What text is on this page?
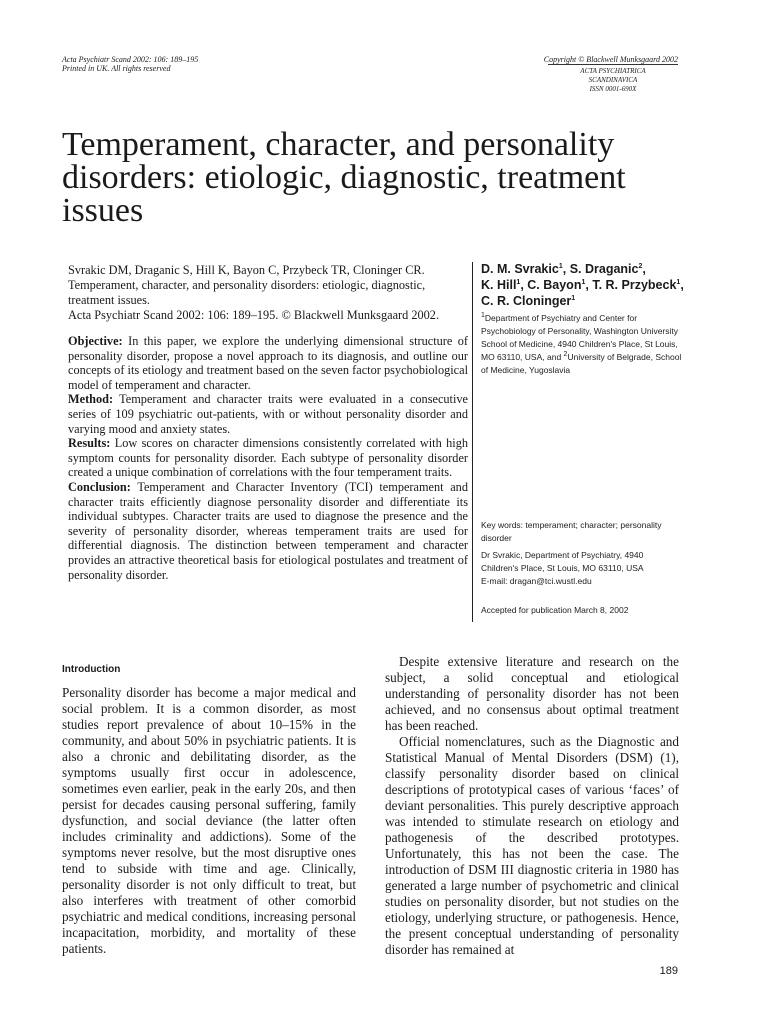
Acta Psychiatr Scand 2002: 106: 189–195
Printed in UK. All rights reserved
Copyright © Blackwell Munksgaard 2002
ACTA PSYCHIATRICA
SCANDINAVICA
ISSN 0001-690X
Temperament, character, and personality disorders: etiologic, diagnostic, treatment issues
Svrakic DM, Draganic S, Hill K, Bayon C, Przybeck TR, Cloninger CR. Temperament, character, and personality disorders: etiologic, diagnostic, treatment issues.
Acta Psychiatr Scand 2002: 106: 189–195. © Blackwell Munksgaard 2002.
Objective: In this paper, we explore the underlying dimensional structure of personality disorder, propose a novel approach to its diagnosis, and outline our concepts of its etiology and treatment based on the seven factor psychobiological model of temperament and character.
Method: Temperament and character traits were evaluated in a consecutive series of 109 psychiatric out-patients, with or without personality disorder and varying mood and anxiety states.
Results: Low scores on character dimensions consistently correlated with high symptom counts for personality disorder. Each subtype of personality disorder created a unique combination of correlations with the four temperament traits.
Conclusion: Temperament and Character Inventory (TCI) temperament and character traits efficiently diagnose personality disorder and differentiate its individual subtypes. Character traits are used to diagnose the presence and the severity of personality disorder, whereas temperament traits are used for differential diagnosis. The distinction between temperament and character provides an attractive theoretical basis for etiological postulates and treatment of personality disorder.
D. M. Svrakic$^1$, S. Draganic$^2$,
K. Hill$^1$, C. Bayon$^1$, T. R. Przybeck$^1$,
C. R. Cloninger$^1$
$^1$Department of Psychiatry and Center for Psychobiology of Personality, Washington University School of Medicine, 4940 Children's Place, St Louis, MO 63110, USA, and $^2$University of Belgrade, School of Medicine, Yugoslavia
Key words: temperament; character; personality disorder
Dr Svrakic, Department of Psychiatry, 4940 Children's Place, St Louis, MO 63110, USA
E-mail: dragan@tci.wustl.edu
Accepted for publication March 8, 2002
Introduction
Personality disorder has become a major medical and social problem. It is a common disorder, as most studies report prevalence of about 10–15% in the community, and about 50% in psychiatric patients. It is also a chronic and debilitating disorder, as the symptoms usually first occur in adolescence, sometimes even earlier, peak in the early 20s, and then persist for decades causing personal suffering, family dysfunction, and social deviance (the latter often includes criminality and addictions). Some of the symptoms never resolve, but the most disruptive ones tend to subside with time and age. Clinically, personality disorder is not only difficult to treat, but also interferes with treatment of other comorbid psychiatric and medical conditions, increasing personal incapacitation, morbidity, and mortality of these patients.

Despite extensive literature and research on the subject, a solid conceptual and etiological understanding of personality disorder has not been achieved, and no consensus about optimal treatment has been reached.

Official nomenclatures, such as the Diagnostic and Statistical Manual of Mental Disorders (DSM) (1), classify personality disorder based on clinical descriptions of prototypical cases of various ‘faces’ of deviant personalities. This purely descriptive approach was intended to stimulate research on etiology and pathogenesis of the described prototypes. Unfortunately, this has not been the case. The introduction of DSM III diagnostic criteria in 1980 has generated a large number of psychometric and clinical studies on personality disorder, but not studies on the etiology, underlying structure, or pathogenesis. Hence, the present conceptual understanding of personality disorder has remained at

189
